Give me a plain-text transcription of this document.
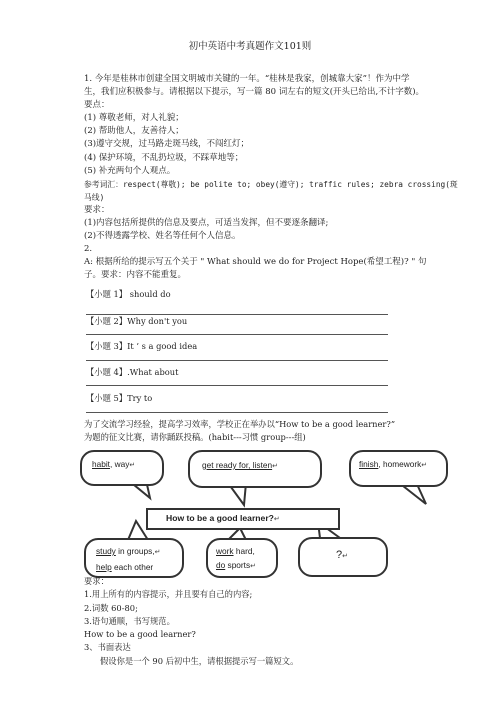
初中英语中考真题作文101则
1. 今年是桂林市创建全国文明城市关键的一年。“桂林是我家，创城靠大家”！作为中学
生，我们应积极参与。请根据以下提示，写一篇 80 词左右的短文(开头已给出,不计字数)。
要点：
(1) 尊敬老师，对人礼貌；
(2) 帮助他人，友善待人；
(3)遵守交规，过马路走斑马线，不闯红灯；
(4) 保护环境，不乱扔垃圾，不踩草地等；
(5) 补充两句个人观点。
参考词汇：respect(尊敬); be polite to; obey(遵守); traffic rules; zebra crossing(斑
马线)
要求：
(1)内容包括所提供的信息及要点，可适当发挥，但不要逐条翻译;
(2)不得透露学校、姓名等任何个人信息。
2.
A: 根据所给的提示写五个关于 " What should we do for Project Hope(希望工程)? " 句
子。要求：内容不能重复。
【小题 1】 should do
【小题 2】Why don't you
【小题 3】It ’ s a good idea
【小题 4】.What about
【小题 5】Try to
为了交流学习经验，提高学习效率，学校正在举办以“How to be a good learner?”
为题的征文比赛，请你踊跃投稿。(habit---习惯 group---组)
habit, way↵	get ready for, listen↵	finish, homework↵
How to be a good learner?↵
study in groups,↵
help each other
work hard,
do sports↵
?↵
要求：
1.用上所有的内容提示，并且要有自己的内容;
2.词数 60-80;
3.语句通顺，书写规范。
How to be a good learner?
3、书面表达
假设你是一个 90 后初中生，请根据提示写一篇短文。
